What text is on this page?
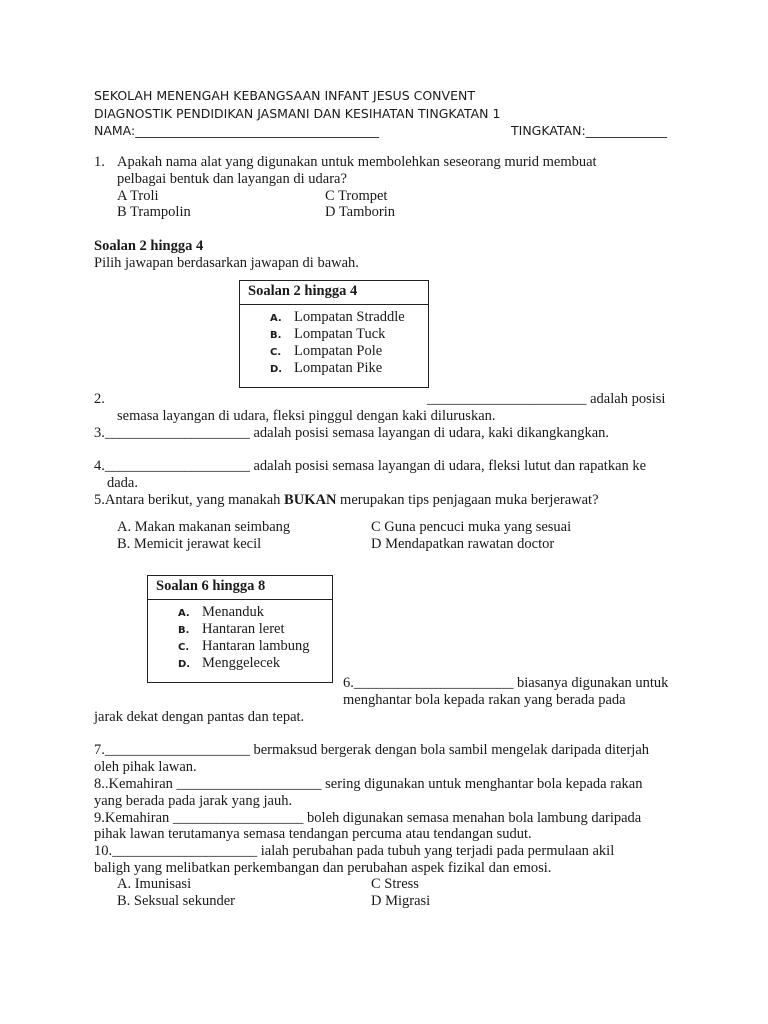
SEKOLAH MENENGAH KEBANGSAAN INFANT JESUS CONVENT
DIAGNOSTIK PENDIDIKAN JASMANI DAN KESIHATAN TINGKATAN 1
NAMA:_______________________________________	TINGKATAN:_____________
1. Apakah nama alat yang digunakan untuk membolehkan seseorang murid membuat
pelbagai bentuk dan layangan di udara?
A Troli	C Trompet
B Trampolin	D Tamborin
Soalan 2 hingga 4
Pilih jawapan berdasarkan jawapan di bawah.
Soalan 2 hingga 4
A. Lompatan Straddle
B. Lompatan Tuck
C. Lompatan Pole
D. Lompatan Pike
2.	______________________ adalah posisi
semasa layangan di udara, fleksi pinggul dengan kaki diluruskan.
3.____________________ adalah posisi semasa layangan di udara, kaki dikangkangkan.
4.____________________ adalah posisi semasa layangan di udara, fleksi lutut dan rapatkan ke
dada.
5.Antara berikut, yang manakah BUKAN merupakan tips penjagaan muka berjerawat?
A. Makan makanan seimbang	C Guna pencuci muka yang sesuai
B. Memicit jerawat kecil	D Mendapatkan rawatan doctor
Soalan 6 hingga 8
A. Menanduk
B. Hantaran leret
C. Hantaran lambung
D. Menggelecek
6.______________________ biasanya digunakan untuk
menghantar bola kepada rakan yang berada pada
jarak dekat dengan pantas dan tepat.
7.____________________ bermaksud bergerak dengan bola sambil mengelak daripada diterjah
oleh pihak lawan.
8..Kemahiran ____________________ sering digunakan untuk menghantar bola kepada rakan
yang berada pada jarak yang jauh.
9.Kemahiran __________________ boleh digunakan semasa menahan bola lambung daripada
pihak lawan terutamanya semasa tendangan percuma atau tendangan sudut.
10.____________________ ialah perubahan pada tubuh yang terjadi pada permulaan akil
baligh yang melibatkan perkembangan dan perubahan aspek fizikal dan emosi.
A. Imunisasi	C Stress
B. Seksual sekunder	D Migrasi
